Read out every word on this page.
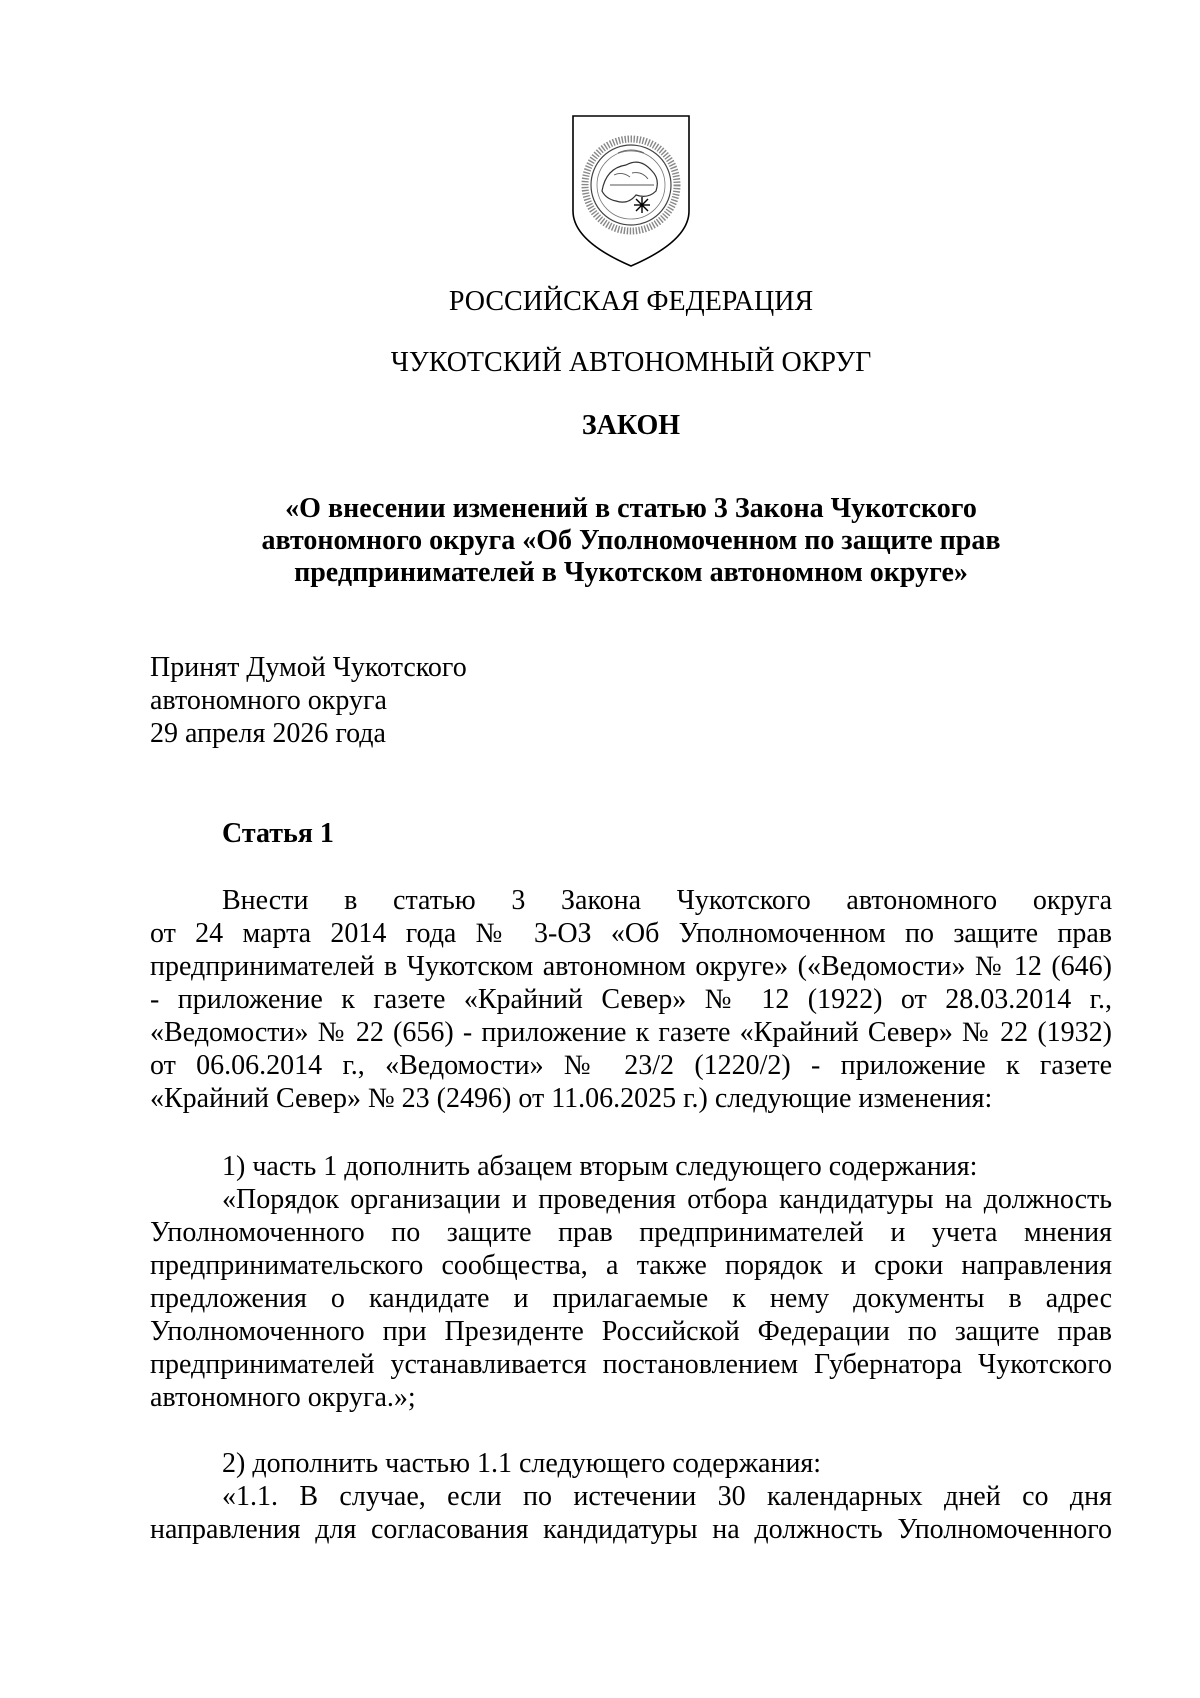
РОССИЙСКАЯ ФЕДЕРАЦИЯ
ЧУКОТСКИЙ АВТОНОМНЫЙ ОКРУГ
ЗАКОН
«О внесении изменений в статью 3 Закона Чукотского
автономного округа «Об Уполномоченном по защите прав
предпринимателей в Чукотском автономном округе»
Принят Думой Чукотского
автономного округа
29 апреля 2026 года
Статья 1
Внести в статью 3 Закона Чукотского автономного округа
от 24 марта 2014 года № 3-ОЗ «Об Уполномоченном по защите прав
предпринимателей в Чукотском автономном округе» («Ведомости» № 12 (646)
- приложение к газете «Крайний Север» № 12 (1922) от 28.03.2014 г.,
«Ведомости» № 22 (656) - приложение к газете «Крайний Север» № 22 (1932)
от 06.06.2014 г., «Ведомости» № 23/2 (1220/2) - приложение к газете
«Крайний Север» № 23 (2496) от 11.06.2025 г.) следующие изменения:
1) часть 1 дополнить абзацем вторым следующего содержания:
«Порядок организации и проведения отбора кандидатуры на должность
Уполномоченного по защите прав предпринимателей и учета мнения
предпринимательского сообщества, а также порядок и сроки направления
предложения о кандидате и прилагаемые к нему документы в адрес
Уполномоченного при Президенте Российской Федерации по защите прав
предпринимателей устанавливается постановлением Губернатора Чукотского
автономного округа.»;
2) дополнить частью 1.1 следующего содержания:
«1.1. В случае, если по истечении 30 календарных дней со дня
направления для согласования кандидатуры на должность Уполномоченного
